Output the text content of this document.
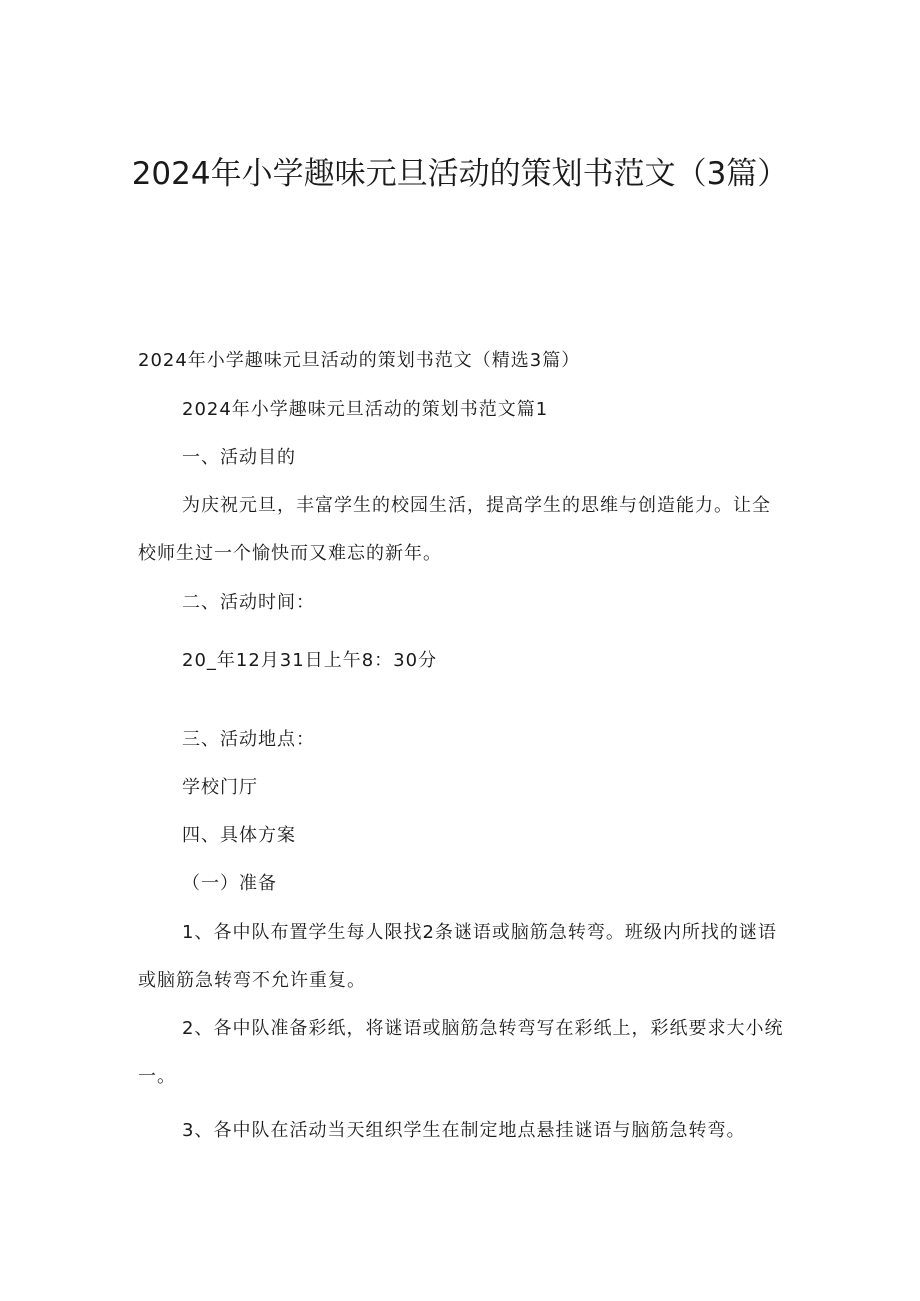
2024年小学趣味元旦活动的策划书范文（3篇）

2024年小学趣味元旦活动的策划书范文（精选3篇）

2024年小学趣味元旦活动的策划书范文篇1

一、活动目的

为庆祝元旦，丰富学生的校园生活，提高学生的思维与创造能力。让全校师生过一个愉快而又难忘的新年。

二、活动时间：

20_年12月31日上午8：30分

三、活动地点：

学校门厅

四、具体方案

（一）准备

1、各中队布置学生每人限找2条谜语或脑筋急转弯。班级内所找的谜语或脑筋急转弯不允许重复。

2、各中队准备彩纸，将谜语或脑筋急转弯写在彩纸上，彩纸要求大小统一。

3、各中队在活动当天组织学生在制定地点悬挂谜语与脑筋急转弯。
